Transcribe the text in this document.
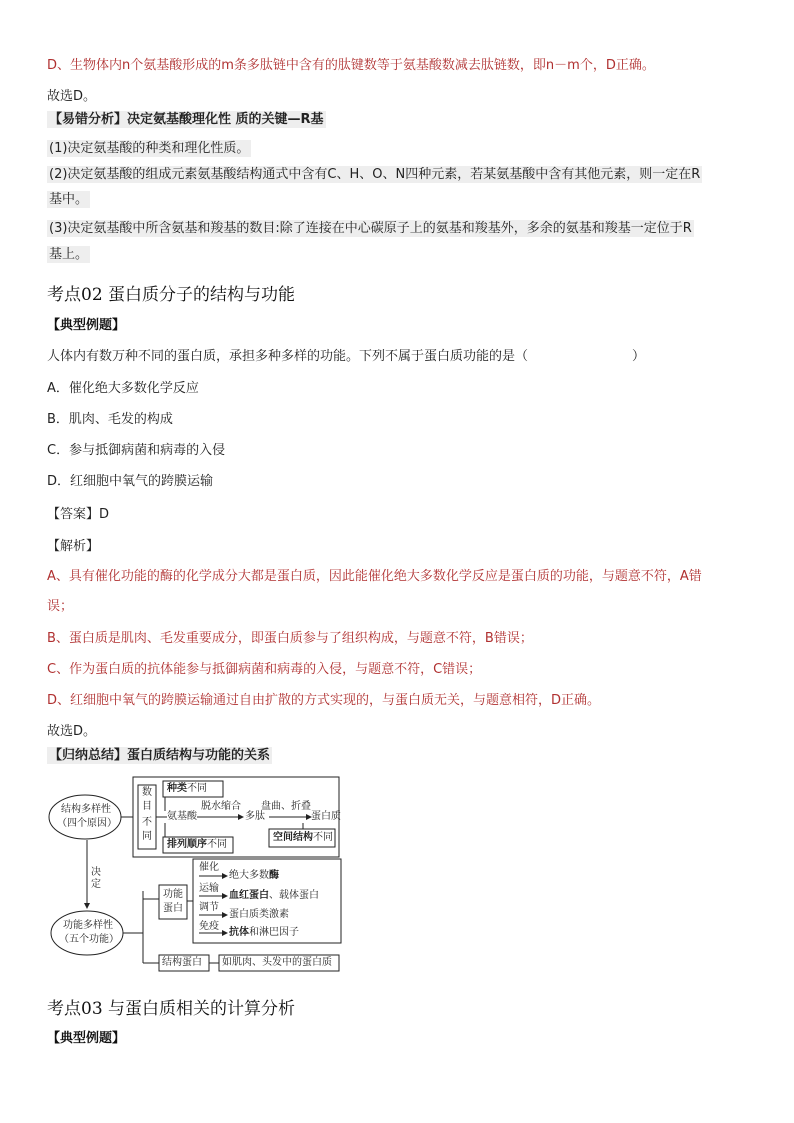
D、生物体内n个氨基酸形成的m条多肽链中含有的肽键数等于氨基酸数减去肽链数，即n－m个，D正确。
故选D。
【易错分析】决定氨基酸理化性 质的关键—R基
(1)决定氨基酸的种类和理化性质。
(2)决定氨基酸的组成元素氨基酸结构通式中含有C、H、O、N四种元素，若某氨基酸中含有其他元素，则一定在R
基中。
(3)决定氨基酸中所含氨基和羧基的数目:除了连接在中心碳原子上的氨基和羧基外，多余的氨基和羧基一定位于R
基上。
考点02 蛋白质分子的结构与功能
【典型例题】
人体内有数万种不同的蛋白质，承担多种多样的功能。下列不属于蛋白质功能的是（　　　　　　　　）
A．催化绝大多数化学反应
B．肌肉、毛发的构成
C．参与抵御病菌和病毒的入侵
D．红细胞中氧气的跨膜运输
【答案】D
【解析】
A、具有催化功能的酶的化学成分大都是蛋白质，因此能催化绝大多数化学反应是蛋白质的功能，与题意不符，A错
误；
B、蛋白质是肌肉、毛发重要成分，即蛋白质参与了组织构成，与题意不符，B错误；
C、作为蛋白质的抗体能参与抵御病菌和病毒的入侵，与题意不符，C错误；
D、红细胞中氧气的跨膜运输通过自由扩散的方式实现的，与蛋白质无关，与题意相符，D正确。
故选D。
【归纳总结】蛋白质结构与功能的关系
结构多样性
（四个原因）
决
定
功能多样性
（五个功能）
数
目
不
同
种类不同
氨基酸
脱水缩合
多肽
盘曲、折叠
蛋白质
排列顺序不同
空间结构不同
功能
蛋白
催化
绝大多数酶
运输
血红蛋白、载体蛋白
调节
蛋白质类激素
免疫
抗体和淋巴因子
结构蛋白 如肌肉、头发中的蛋白质
考点03 与蛋白质相关的计算分析
【典型例题】
